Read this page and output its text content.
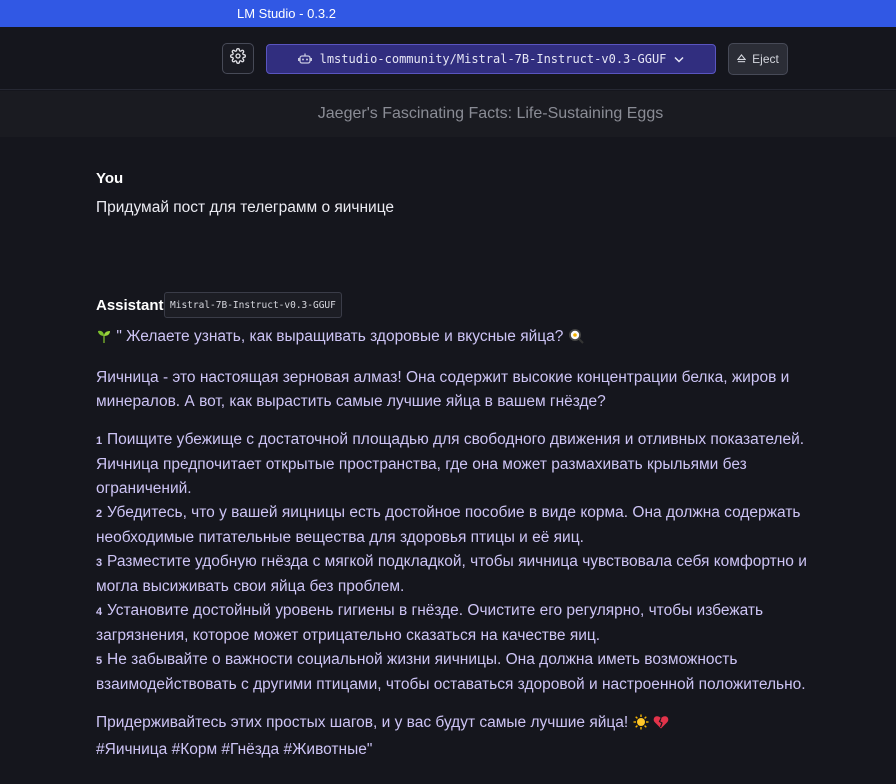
LM Studio - 0.3.2
lmstudio-community/Mistral-7B-Instruct-v0.3-GGUF	Eject
Jaeger's Fascinating Facts: Life-Sustaining Eggs
You
Придумай пост для телеграмм о яичнице
Assistant Mistral-7B-Instruct-v0.3-GGUF
" Желаете узнать, как выращивать здоровые и вкусные яйца?
Яичница - это настоящая зерновая алмаз! Она содержит высокие концентрации белка, жиров и минералов. А вот, как вырастить самые лучшие яйца в вашем гнёзде?
1 Поищите убежище с достаточной площадью для свободного движения и отливных показателей. Яичница предпочитает открытые пространства, где она может размахивать крыльями без ограничений.
2 Убедитесь, что у вашей яицницы есть достойное пособие в виде корма. Она должна содержать необходимые питательные вещества для здоровья птицы и её яиц.
3 Разместите удобную гнёзда с мягкой подкладкой, чтобы яичница чувствовала себя комфортно и могла высиживать свои яйца без проблем.
4 Установите достойный уровень гигиены в гнёзде. Очистите его регулярно, чтобы избежать загрязнения, которое может отрицательно сказаться на качестве яиц.
5 Не забывайте о важности социальной жизни яичницы. Она должна иметь возможность взаимодействовать с другими птицами, чтобы оставаться здоровой и настроенной положительно.
Придерживайтесь этих простых шагов, и у вас будут самые лучшие яйца!
#Яичница #Корм #Гнёзда #Животные"
